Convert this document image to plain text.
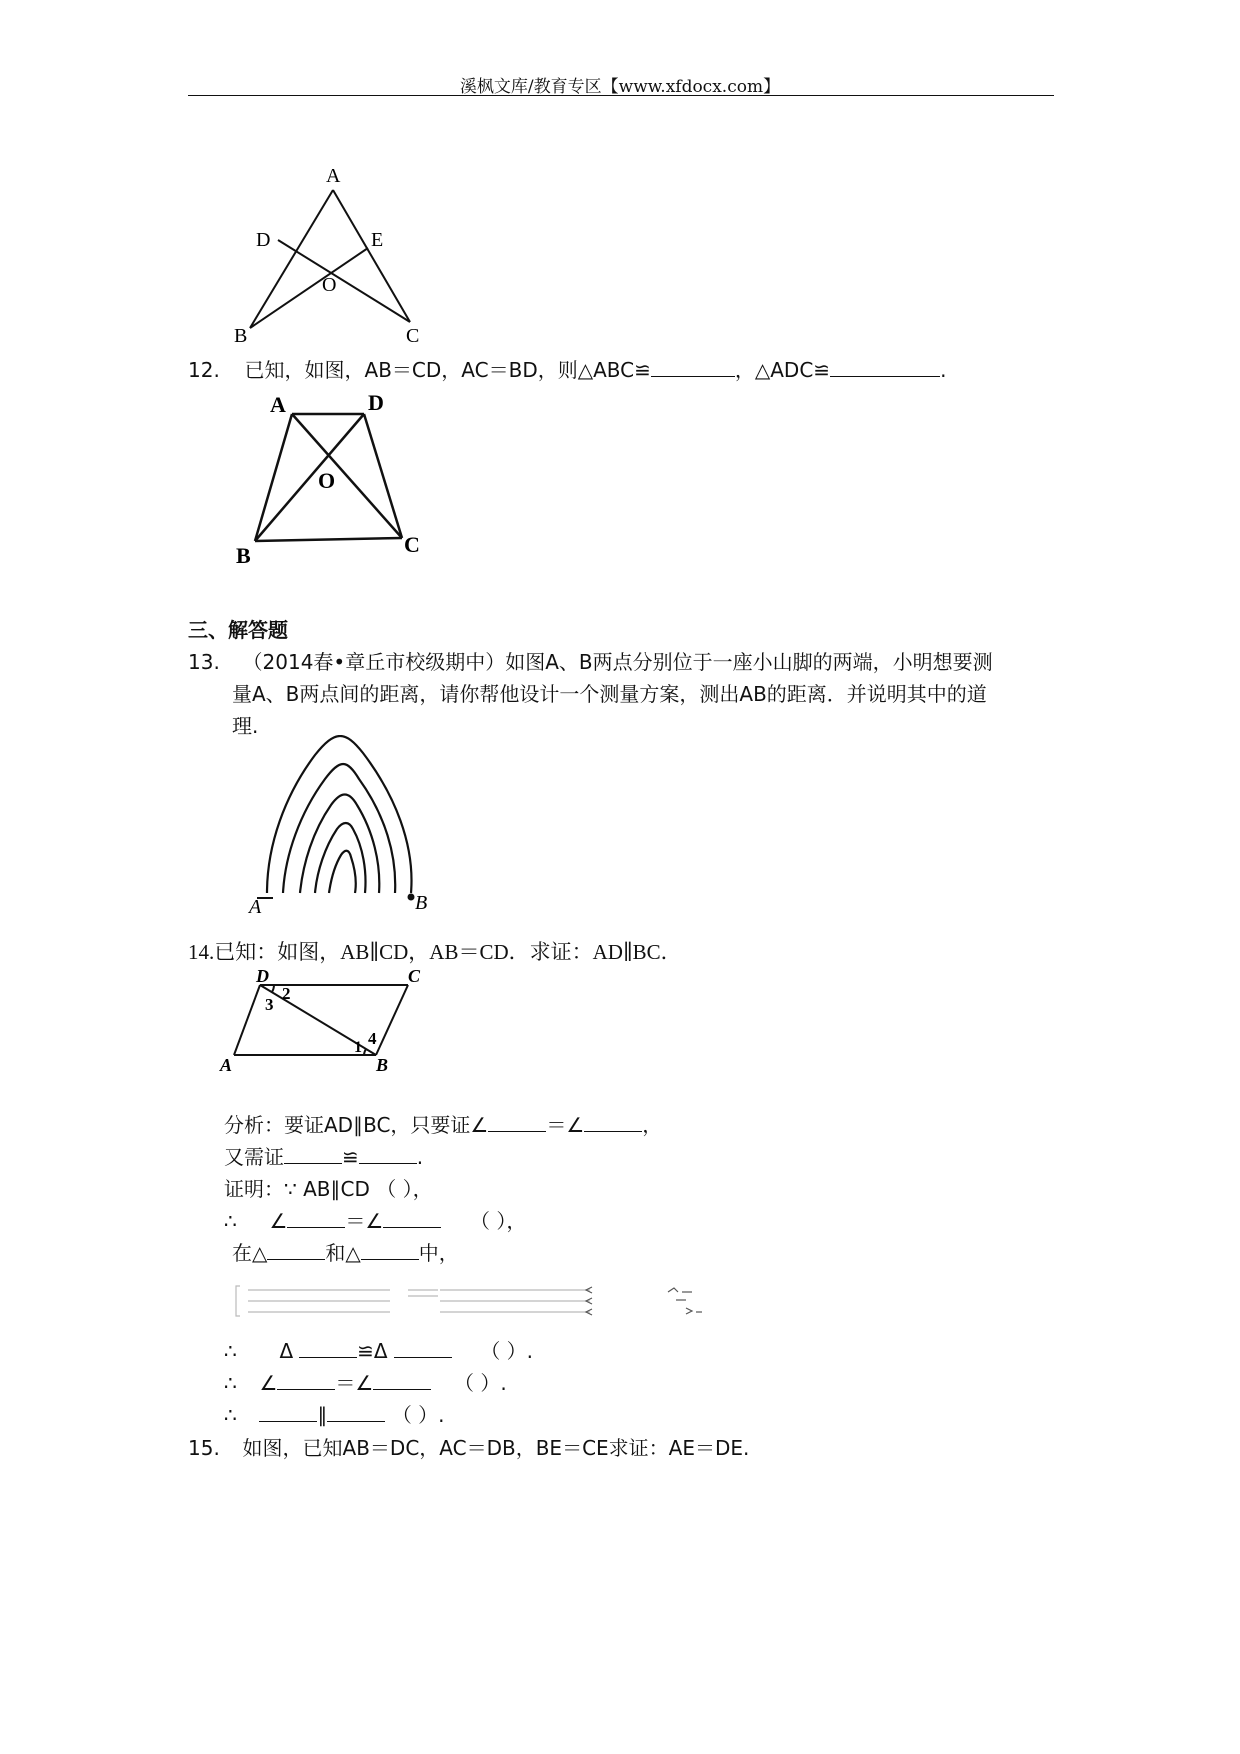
溪枫文库/教育专区【www.xfdocx.com】
A
D	E
O
B	C
12. 已知，如图，AB＝CD，AC＝BD，则△ABC≌	，△ADC≌	.
A	D
O
B	C
三、解答题
13. （2014春•章丘市校级期中）如图A、B两点分别位于一座小山脚的两端，小明想要测
量A、B两点间的距离，请你帮他设计一个测量方案，测出AB的距离．并说明其中的道
理.
A	B
14.已知：如图，AB∥CD，AB＝CD．求证：AD∥BC．
D	C
A	B
2
3
1 4
分析：要证AD∥BC，只要证∠	＝∠	，
又需证	≌	.
证明：∵ AB∥CD （ ），
∴ ∠	＝∠	（ ），
在△	和△	中，
∴ Δ	≌Δ	（ ）.
∴ ∠	＝∠	（ ）.
∴	∥	（ ）.
15. 如图，已知AB＝DC，AC＝DB，BE＝CE求证：AE＝DE.
